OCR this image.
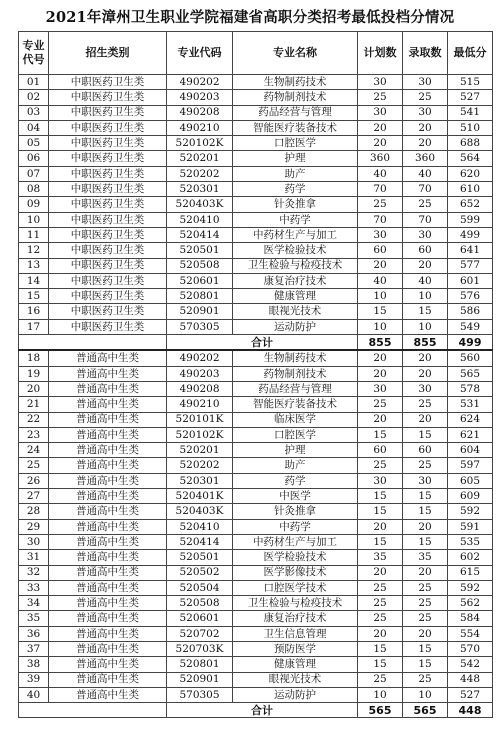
2021年漳州卫生职业学院福建省高职分类招考最低投档分情况
专业
代号	招生类别	专业代码	专业名称	计划数	录取数	最低分
01	中职医药卫生类	490202	生物制药技术	30	30	515
02	中职医药卫生类	490203	药物制剂技术	25	25	527
03	中职医药卫生类	490208	药品经营与管理	30	30	541
04	中职医药卫生类	490210	智能医疗装备技术	20	20	510
05	中职医药卫生类	520102K	口腔医学	20	20	688
06	中职医药卫生类	520201	护理	360	360	564
07	中职医药卫生类	520202	助产	40	40	620
08	中职医药卫生类	520301	药学	70	70	610
09	中职医药卫生类	520403K	针灸推拿	25	25	652
10	中职医药卫生类	520410	中药学	70	70	599
11	中职医药卫生类	520414	中药材生产与加工	30	30	499
12	中职医药卫生类	520501	医学检验技术	60	60	641
13	中职医药卫生类	520508	卫生检验与检疫技术	20	20	577
14	中职医药卫生类	520601	康复治疗技术	40	40	601
15	中职医药卫生类	520801	健康管理	10	10	576
16	中职医药卫生类	520901	眼视光技术	15	15	586
17	中职医药卫生类	570305	运动防护	10	10	549
		合计		855	855	499
18	普通高中生类	490202	生物制药技术	20	20	560
19	普通高中生类	490203	药物制剂技术	20	20	565
20	普通高中生类	490208	药品经营与管理	30	30	578
21	普通高中生类	490210	智能医疗装备技术	25	25	531
22	普通高中生类	520101K	临床医学	20	20	624
23	普通高中生类	520102K	口腔医学	15	15	621
24	普通高中生类	520201	护理	60	60	604
25	普通高中生类	520202	助产	25	25	597
26	普通高中生类	520301	药学	30	30	605
27	普通高中生类	520401K	中医学	15	15	609
28	普通高中生类	520403K	针灸推拿	15	15	592
29	普通高中生类	520410	中药学	20	20	591
30	普通高中生类	520414	中药材生产与加工	15	15	535
31	普通高中生类	520501	医学检验技术	35	35	602
32	普通高中生类	520502	医学影像技术	20	20	615
33	普通高中生类	520504	口腔医学技术	25	25	592
34	普通高中生类	520508	卫生检验与检疫技术	25	25	562
35	普通高中生类	520601	康复治疗技术	25	25	584
36	普通高中生类	520702	卫生信息管理	20	20	554
37	普通高中生类	520703K	预防医学	15	15	570
38	普通高中生类	520801	健康管理	15	15	542
39	普通高中生类	520901	眼视光技术	25	25	448
40	普通高中生类	570305	运动防护	10	10	527
		合计		565	565	448
